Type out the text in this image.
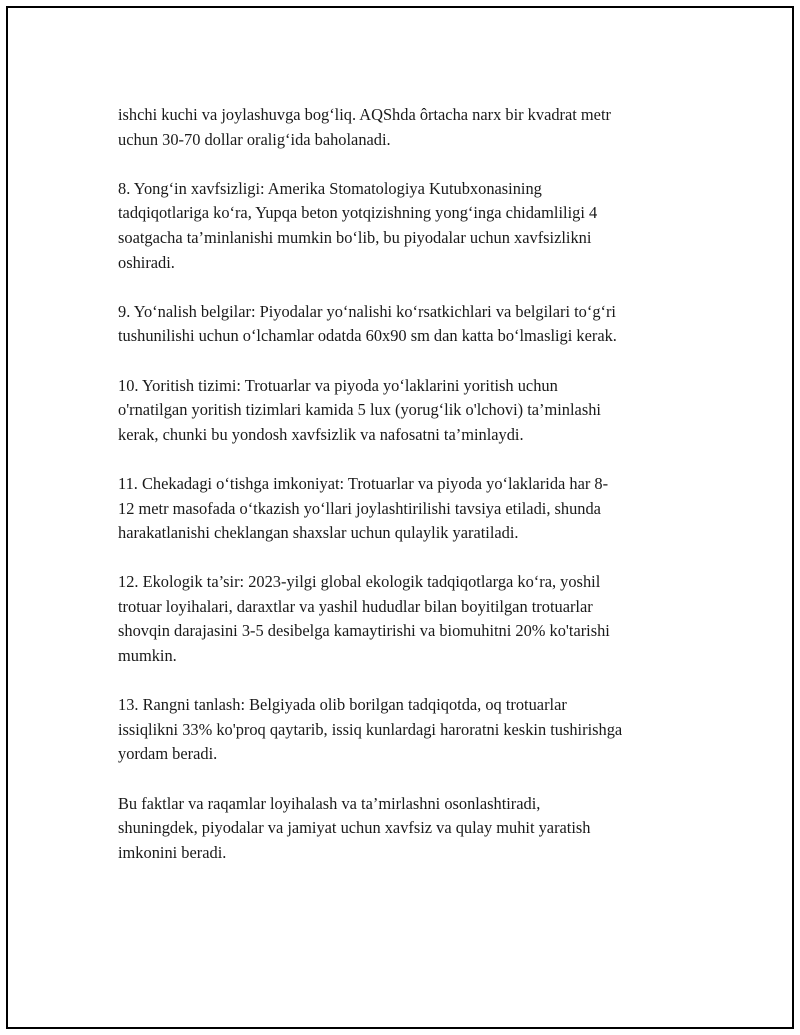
ishchi kuchi va joylashuvga bog‘liq. AQShda ôrtacha narx bir kvadrat metr
uchun 30-70 dollar oralig‘ida baholanadi.

8. Yong‘in xavfsizligi: Amerika Stomatologiya Kutubxonasining
tadqiqotlariga ko‘ra, Yupqa beton yotqizishning yong‘inga chidamliligi 4
soatgacha ta’minlanishi mumkin bo‘lib, bu piyodalar uchun xavfsizlikni
oshiradi.

9. Yo‘nalish belgilar: Piyodalar yo‘nalishi ko‘rsatkichlari va belgilari to‘g‘ri
tushunilishi uchun o‘lchamlar odatda 60x90 sm dan katta bo‘lmasligi kerak.

10. Yoritish tizimi: Trotuarlar va piyoda yo‘laklarini yoritish uchun
o'rnatilgan yoritish tizimlari kamida 5 lux (yorug‘lik o'lchovi) ta’minlashi
kerak, chunki bu yondosh xavfsizlik va nafosatni ta’minlaydi.

11. Chekadagi o‘tishga imkoniyat: Trotuarlar va piyoda yo‘laklarida har 8-
12 metr masofada o‘tkazish yo‘llari joylashtirilishi tavsiya etiladi, shunda
harakatlanishi cheklangan shaxslar uchun qulaylik yaratiladi.

12. Ekologik ta’sir: 2023-yilgi global ekologik tadqiqotlarga ko‘ra, yoshil
trotuar loyihalari, daraxtlar va yashil hududlar bilan boyitilgan trotuarlar
shovqin darajasini 3-5 desibelga kamaytirishi va biomuhitni 20% ko'tarishi
mumkin.

13. Rangni tanlash: Belgiyada olib borilgan tadqiqotda, oq trotuarlar
issiqlikni 33% ko'proq qaytarib, issiq kunlardagi haroratni keskin tushirishga
yordam beradi.

Bu faktlar va raqamlar loyihalash va ta’mirlashni osonlashtiradi,
shuningdek, piyodalar va jamiyat uchun xavfsiz va qulay muhit yaratish
imkonini beradi.
